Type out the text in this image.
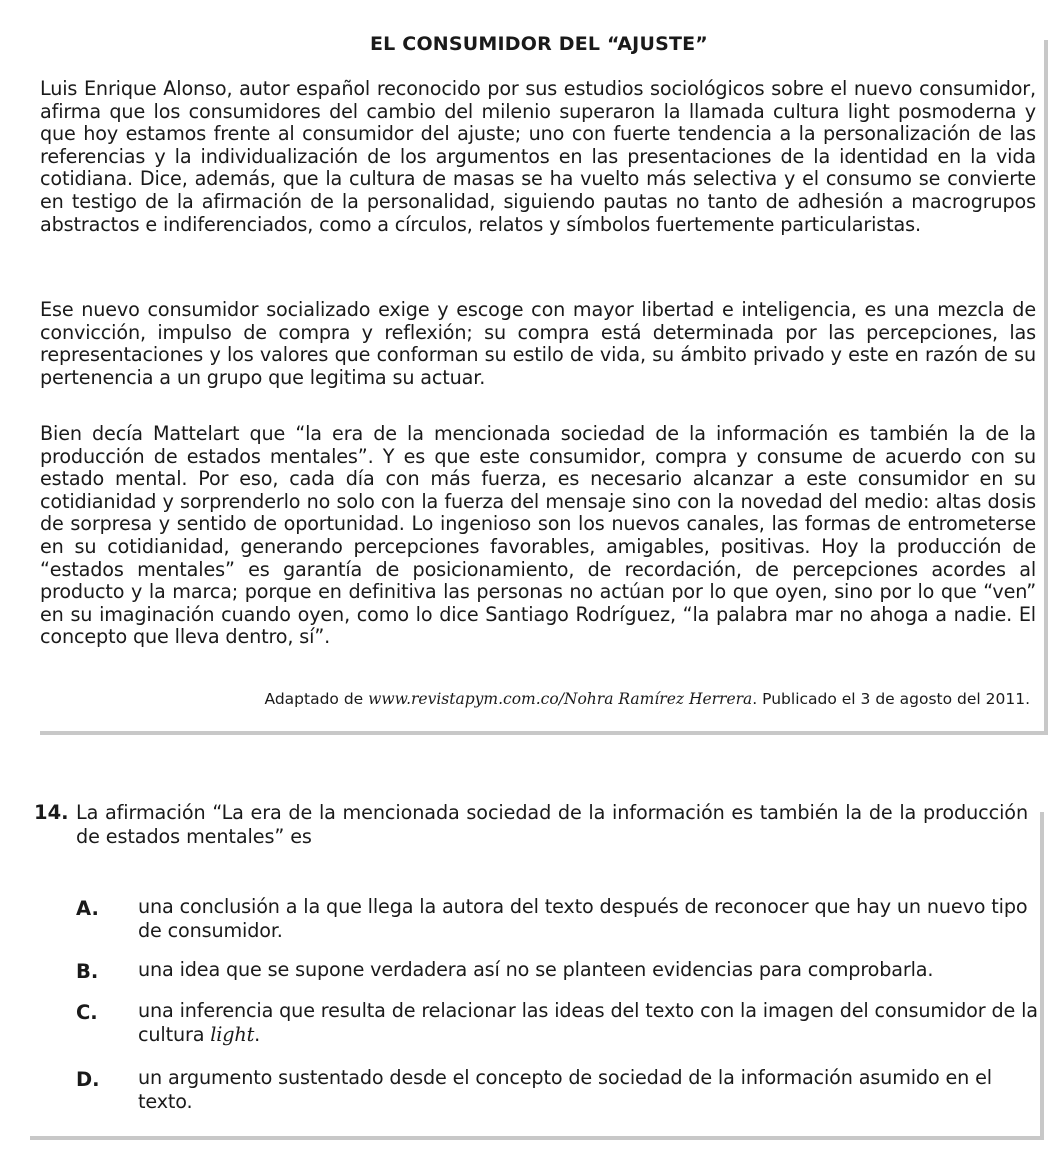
EL CONSUMIDOR DEL “AJUSTE”

Luis Enrique Alonso, autor español reconocido por sus estudios sociológicos sobre el nuevo consumidor, afirma que los consumidores del cambio del milenio superaron la llamada cultura light posmoderna y que hoy estamos frente al consumidor del ajuste; uno con fuerte tendencia a la personalización de las referencias y la individualización de los argumentos en las presentaciones de la identidad en la vida cotidiana. Dice, además, que la cultura de masas se ha vuelto más selectiva y el consumo se convierte en testigo de la afirmación de la personalidad, siguiendo pautas no tanto de adhesión a macrogrupos abstractos e indiferenciados, como a círculos, relatos y símbolos fuertemente particularistas.

Ese nuevo consumidor socializado exige y escoge con mayor libertad e inteligencia, es una mezcla de convicción, impulso de compra y reflexión; su compra está determinada por las percepciones, las representaciones y los valores que conforman su estilo de vida, su ámbito privado y este en razón de su pertenencia a un grupo que legitima su actuar.

Bien decía Mattelart que “la era de la mencionada sociedad de la información es también la de la producción de estados mentales”. Y es que este consumidor, compra y consume de acuerdo con su estado mental. Por eso, cada día con más fuerza, es necesario alcanzar a este consumidor en su cotidianidad y sorprenderlo no solo con la fuerza del mensaje sino con la novedad del medio: altas dosis de sorpresa y sentido de oportunidad. Lo ingenioso son los nuevos canales, las formas de entrometerse en su cotidianidad, generando percepciones favorables, amigables, positivas. Hoy la producción de “estados mentales” es garantía de posicionamiento, de recordación, de percepciones acordes al producto y la marca; porque en definitiva las personas no actúan por lo que oyen, sino por lo que “ven” en su imaginación cuando oyen, como lo dice Santiago Rodríguez, “la palabra mar no ahoga a nadie. El concepto que lleva dentro, sí”.

Adaptado de www.revistapym.com.co/Nohra Ramírez Herrera. Publicado el 3 de agosto del 2011.
14. La afirmación “La era de la mencionada sociedad de la información es también la de la producción de estados mentales” es

A. una conclusión a la que llega la autora del texto después de reconocer que hay un nuevo tipo de consumidor.

B. una idea que se supone verdadera así no se planteen evidencias para comprobarla.

C. una inferencia que resulta de relacionar las ideas del texto con la imagen del consumidor de la cultura light.

D. un argumento sustentado desde el concepto de sociedad de la información asumido en el texto.
